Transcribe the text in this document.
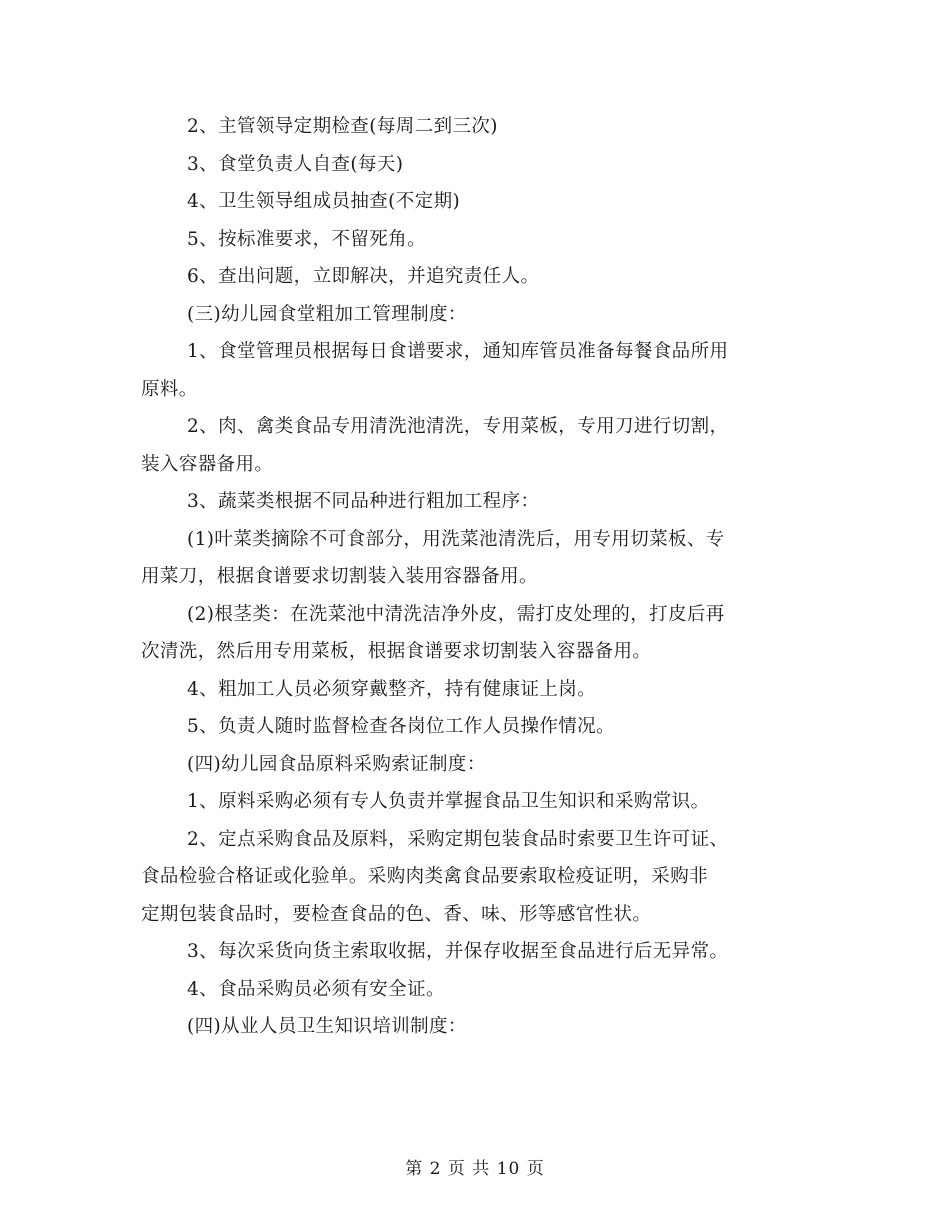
2、主管领导定期检查(每周二到三次)

3、食堂负责人自查(每天)

4、卫生领导组成员抽查(不定期)

5、按标准要求，不留死角。

6、查出问题，立即解决，并追究责任人。

(三)幼儿园食堂粗加工管理制度：

1、食堂管理员根据每日食谱要求，通知库管员准备每餐食品所用

原料。

2、肉、禽类食品专用清洗池清洗，专用菜板，专用刀进行切割，

装入容器备用。

3、蔬菜类根据不同品种进行粗加工程序：

(1)叶菜类摘除不可食部分，用洗菜池清洗后，用专用切菜板、专

用菜刀，根据食谱要求切割装入装用容器备用。

(2)根茎类：在洗菜池中清洗洁净外皮，需打皮处理的，打皮后再

次清洗，然后用专用菜板，根据食谱要求切割装入容器备用。

4、粗加工人员必须穿戴整齐，持有健康证上岗。

5、负责人随时监督检查各岗位工作人员操作情况。

(四)幼儿园食品原料采购索证制度：

1、原料采购必须有专人负责并掌握食品卫生知识和采购常识。

2、定点采购食品及原料，采购定期包装食品时索要卫生许可证、

食品检验合格证或化验单。采购肉类禽食品要索取检疫证明，采购非

定期包装食品时，要检查食品的色、香、味、形等感官性状。

3、每次采货向货主索取收据，并保存收据至食品进行后无异常。

4、食品采购员必须有安全证。

(四)从业人员卫生知识培训制度：

第 2 页 共 10 页
